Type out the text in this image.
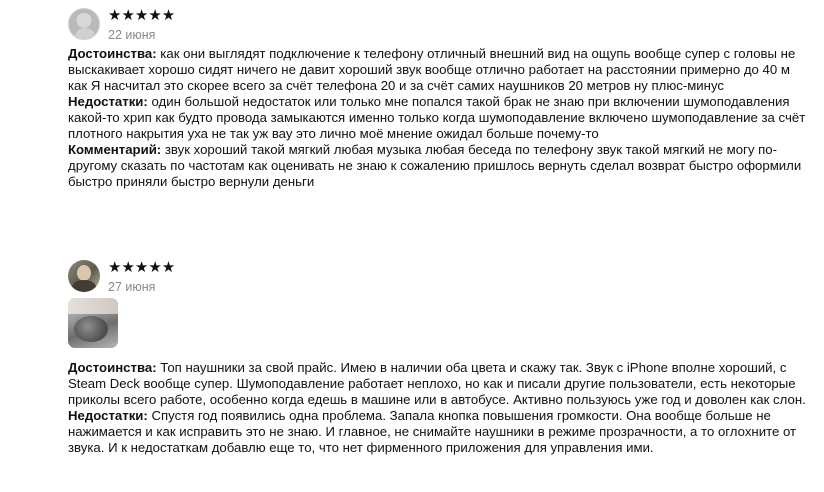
★★★★★
22 июня

Достоинства: как они выглядят подключение к телефону отличный внешний вид на ощупь вообще супер с головы не выскакивает хорошо сидят ничего не давит хороший звук вообще отлично работает на расстоянии примерно до 40 м как Я насчитал это скорее всего за счёт телефона 20 и за счёт самих наушников 20 метров ну плюс-минус

Недостатки: один большой недостаток или только мне попался такой брак не знаю при включении шумоподавления какой-то хрип как будто провода замыкаются именно только когда шумоподавление включено шумоподавление за счёт плотного накрытия уха не так уж вау это лично моё мнение ожидал больше почему-то

Комментарий: звук хороший такой мягкий любая музыка любая беседа по телефону звук такой мягкий не могу по-другому сказать по частотам как оценивать не знаю к сожалению пришлось вернуть сделал возврат быстро оформили быстро приняли быстро вернули деньги

★★★★★
27 июня

Достоинства: Топ наушники за свой прайс. Имею в наличии оба цвета и скажу так. Звук с iPhone вполне хороший, с Steam Deck вообще супер. Шумоподавление работает неплохо, но как и писали другие пользователи, есть некоторые приколы всего работе, особенно когда едешь в машине или в автобусе. Активно пользуюсь уже год и доволен как слон.

Недостатки: Спустя год появились одна проблема. Запала кнопка повышения громкости. Она вообще больше не нажимается и как исправить это не знаю. И главное, не снимайте наушники в режиме прозрачности, а то оглохните от звука. И к недостаткам добавлю еще то, что нет фирменного приложения для управления ими.
